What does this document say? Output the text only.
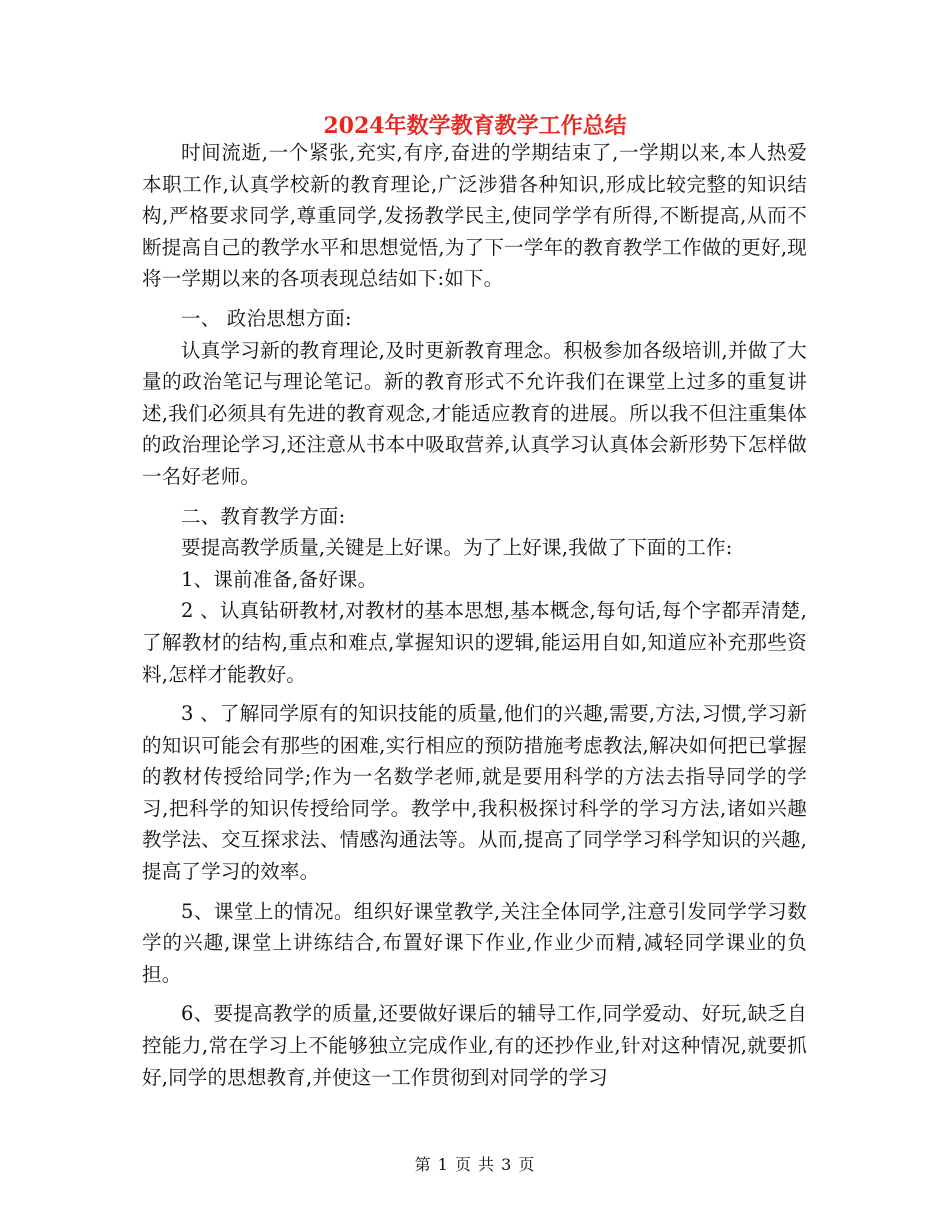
2024年数学教育教学工作总结

时间流逝,一个紧张,充实,有序,奋进的学期结束了,一学期以来,本人热爱本职工作,认真学校新的教育理论,广泛涉猎各种知识,形成比较完整的知识结构,严格要求同学,尊重同学,发扬教学民主,使同学学有所得,不断提高,从而不断提高自己的教学水平和思想觉悟,为了下一学年的教育教学工作做的更好,现将一学期以来的各项表现总结如下:如下。

一、 政治思想方面:

认真学习新的教育理论,及时更新教育理念。积极参加各级培训,并做了大量的政治笔记与理论笔记。新的教育形式不允许我们在课堂上过多的重复讲述,我们必须具有先进的教育观念,才能适应教育的进展。所以我不但注重集体的政治理论学习,还注意从书本中吸取营养,认真学习认真体会新形势下怎样做一名好老师。

二、教育教学方面:

要提高教学质量,关键是上好课。为了上好课,我做了下面的工作:

1、课前准备,备好课。

2 、认真钻研教材,对教材的基本思想,基本概念,每句话,每个字都弄清楚,了解教材的结构,重点和难点,掌握知识的逻辑,能运用自如,知道应补充那些资料,怎样才能教好。

3 、了解同学原有的知识技能的质量,他们的兴趣,需要,方法,习惯,学习新的知识可能会有那些的困难,实行相应的预防措施考虑教法,解决如何把已掌握的教材传授给同学;作为一名数学老师,就是要用科学的方法去指导同学的学习,把科学的知识传授给同学。教学中,我积极探讨科学的学习方法,诸如兴趣教学法、交互探求法、情感沟通法等。从而,提高了同学学习科学知识的兴趣,提高了学习的效率。

5、课堂上的情况。组织好课堂教学,关注全体同学,注意引发同学学习数学的兴趣,课堂上讲练结合,布置好课下作业,作业少而精,减轻同学课业的负担。

6、要提高教学的质量,还要做好课后的辅导工作,同学爱动、好玩,缺乏自控能力,常在学习上不能够独立完成作业,有的还抄作业,针对这种情况,就要抓好,同学的思想教育,并使这一工作贯彻到对同学的学习

第 1 页 共 3 页
